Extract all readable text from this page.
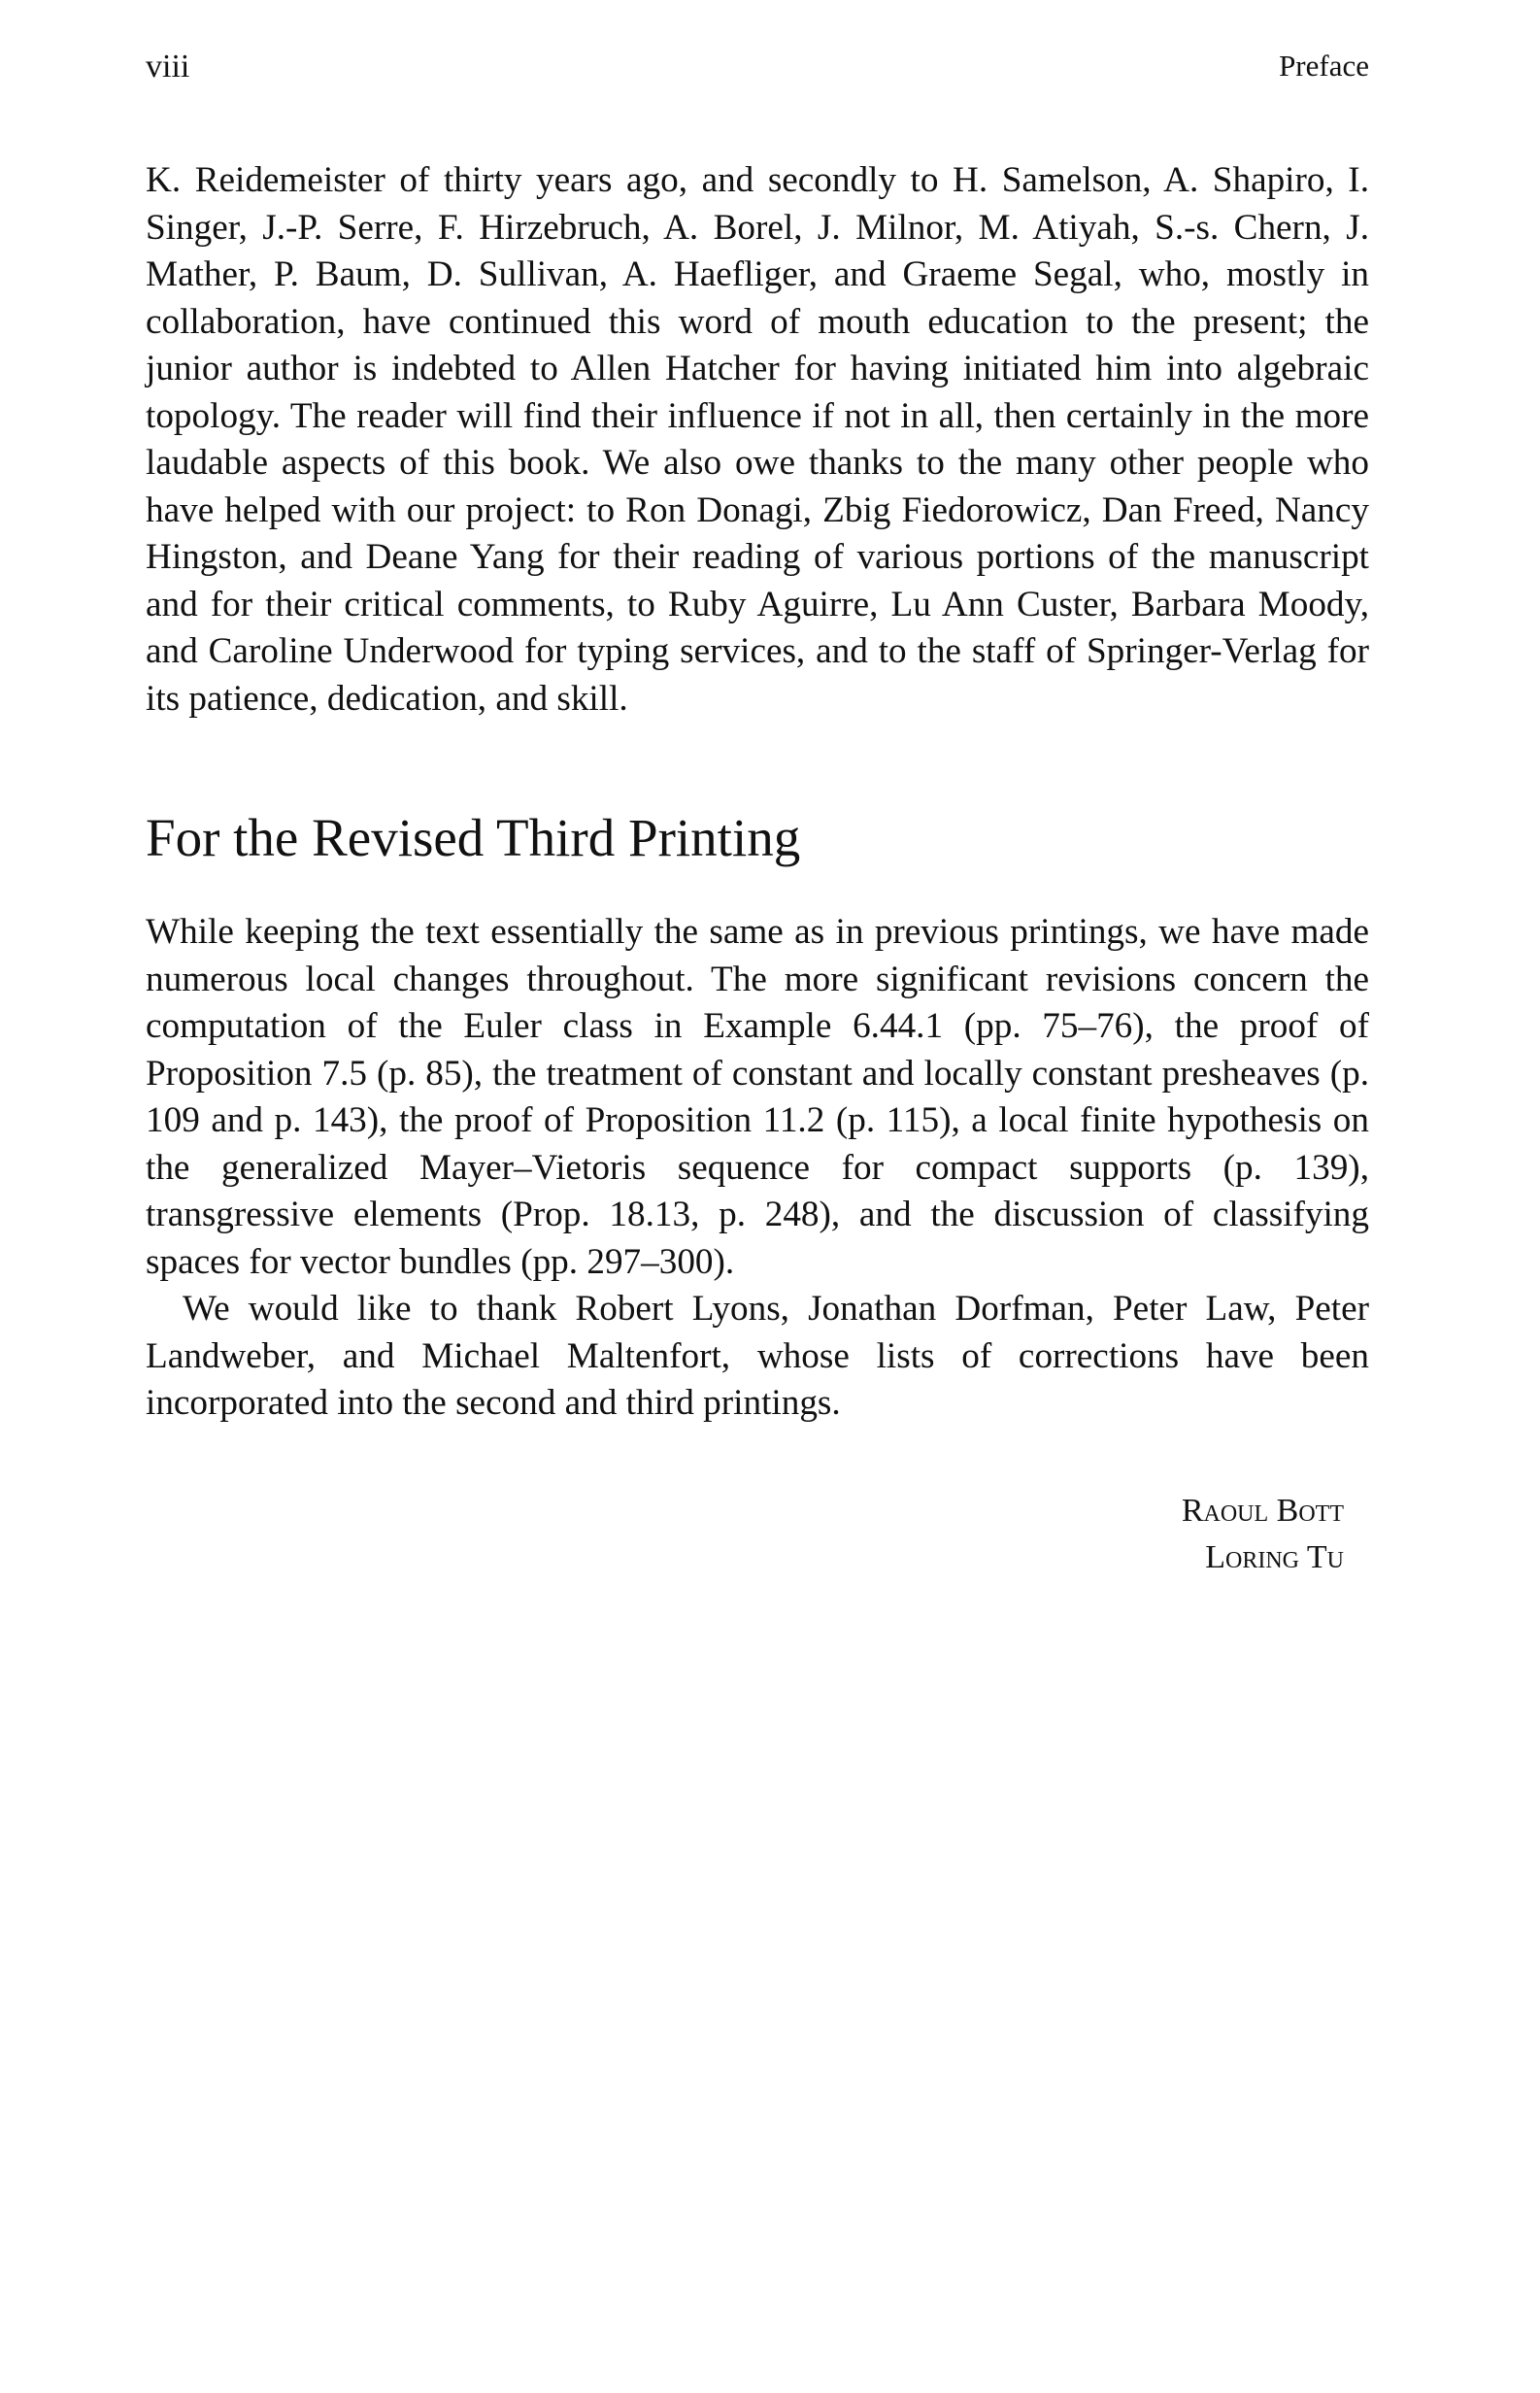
viii	Preface

K. Reidemeister of thirty years ago, and secondly to H. Samelson, A. Shapiro, I. Singer, J.-P. Serre, F. Hirzebruch, A. Borel, J. Milnor, M. Atiyah, S.-s. Chern, J. Mather, P. Baum, D. Sullivan, A. Haefliger, and Graeme Segal, who, mostly in collaboration, have continued this word of mouth education to the present; the junior author is indebted to Allen Hatcher for having initiated him into algebraic topology. The reader will find their influence if not in all, then certainly in the more laudable aspects of this book. We also owe thanks to the many other people who have helped with our project: to Ron Donagi, Zbig Fiedorowicz, Dan Freed, Nancy Hingston, and Deane Yang for their reading of various portions of the manuscript and for their critical comments, to Ruby Aguirre, Lu Ann Custer, Barbara Moody, and Caroline Underwood for typing services, and to the staff of Springer-Verlag for its patience, dedication, and skill.

For the Revised Third Printing

While keeping the text essentially the same as in previous printings, we have made numerous local changes throughout. The more significant revisions concern the computation of the Euler class in Example 6.44.1 (pp. 75–76), the proof of Proposition 7.5 (p. 85), the treatment of constant and locally constant presheaves (p. 109 and p. 143), the proof of Proposition 11.2 (p. 115), a local finite hypothesis on the generalized Mayer–Vietoris sequence for compact supports (p. 139), transgressive elements (Prop. 18.13, p. 248), and the discussion of classifying spaces for vector bundles (pp. 297–300).

We would like to thank Robert Lyons, Jonathan Dorfman, Peter Law, Peter Landweber, and Michael Maltenfort, whose lists of corrections have been incorporated into the second and third printings.

Raoul Bott
Loring Tu
